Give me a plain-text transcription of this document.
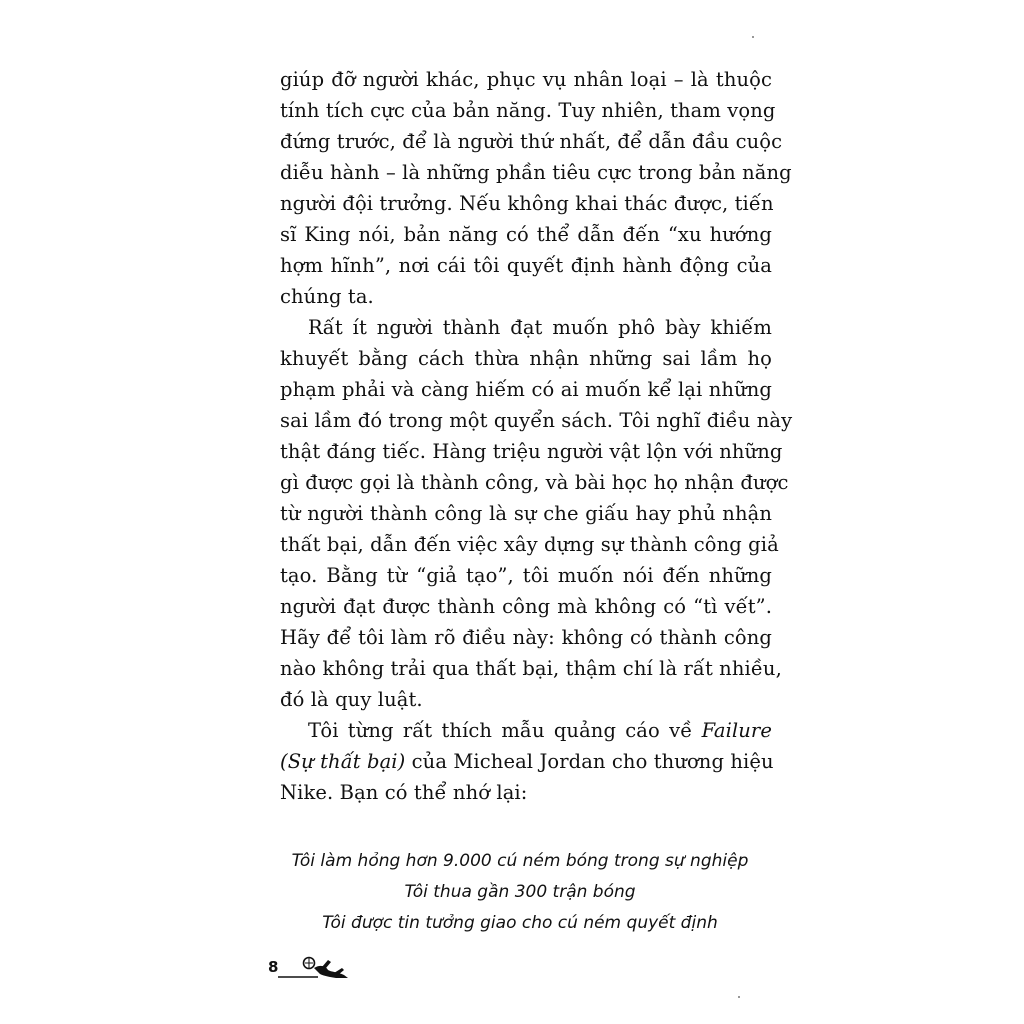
giúp đỡ người khác, phục vụ nhân loại – là thuộc
tính tích cực của bản năng. Tuy nhiên, tham vọng
đứng trước, để là người thứ nhất, để dẫn đầu cuộc
diễu hành – là những phần tiêu cực trong bản năng
người đội trưởng. Nếu không khai thác được, tiến
sĩ King nói, bản năng có thể dẫn đến “xu hướng
hợm hĩnh”, nơi cái tôi quyết định hành động của
chúng ta.
Rất ít người thành đạt muốn phô bày khiếm
khuyết bằng cách thừa nhận những sai lầm họ
phạm phải và càng hiếm có ai muốn kể lại những
sai lầm đó trong một quyển sách. Tôi nghĩ điều này
thật đáng tiếc. Hàng triệu người vật lộn với những
gì được gọi là thành công, và bài học họ nhận được
từ người thành công là sự che giấu hay phủ nhận
thất bại, dẫn đến việc xây dựng sự thành công giả
tạo. Bằng từ “giả tạo”, tôi muốn nói đến những
người đạt được thành công mà không có “tì vết”.
Hãy để tôi làm rõ điều này: không có thành công
nào không trải qua thất bại, thậm chí là rất nhiều,
đó là quy luật.
Tôi từng rất thích mẫu quảng cáo về Failure
(Sự thất bại) của Micheal Jordan cho thương hiệu
Nike. Bạn có thể nhớ lại:
Tôi làm hỏng hơn 9.000 cú ném bóng trong sự nghiệp
Tôi thua gần 300 trận bóng
Tôi được tin tưởng giao cho cú ném quyết định
8
